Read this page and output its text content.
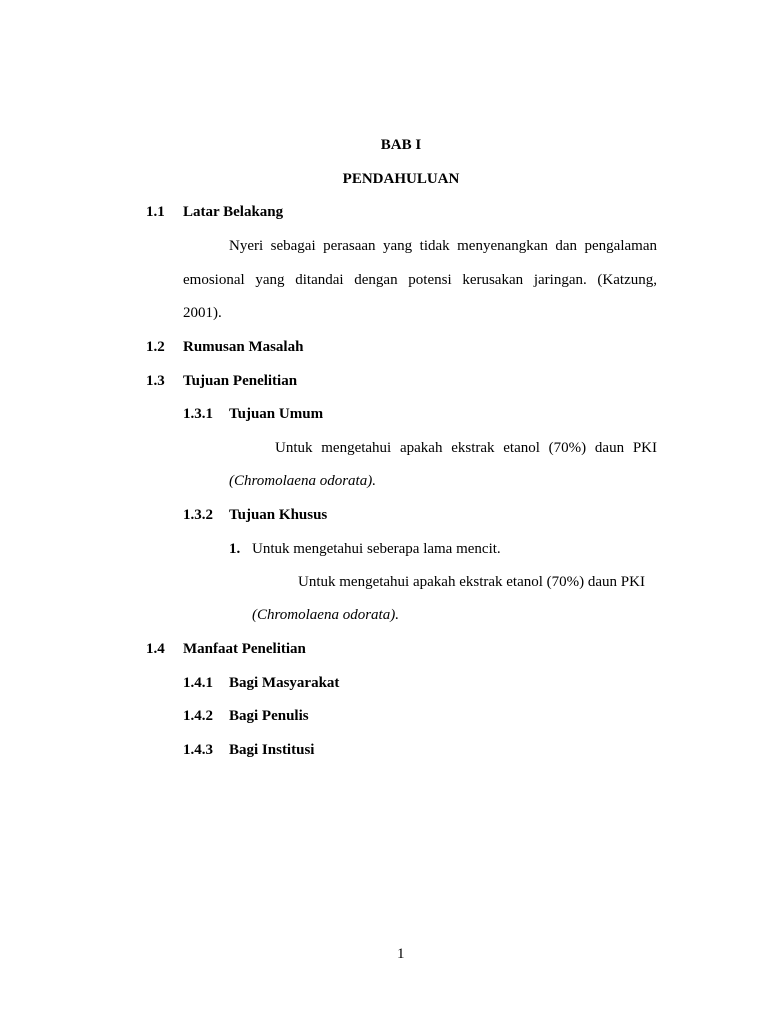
BAB I
PENDAHULUAN
1.1 Latar Belakang
Nyeri sebagai perasaan yang tidak menyenangkan dan pengalaman
emosional yang ditandai dengan potensi kerusakan jaringan. (Katzung,
2001).
1.2 Rumusan Masalah
1.3 Tujuan Penelitian
1.3.1 Tujuan Umum
Untuk mengetahui apakah ekstrak etanol (70%) daun PKI
(Chromolaena odorata).
1.3.2 Tujuan Khusus
1. Untuk mengetahui seberapa lama mencit.
Untuk mengetahui apakah ekstrak etanol (70%) daun PKI
(Chromolaena odorata).
1.4 Manfaat Penelitian
1.4.1 Bagi Masyarakat
1.4.2 Bagi Penulis
1.4.3 Bagi Institusi
1
